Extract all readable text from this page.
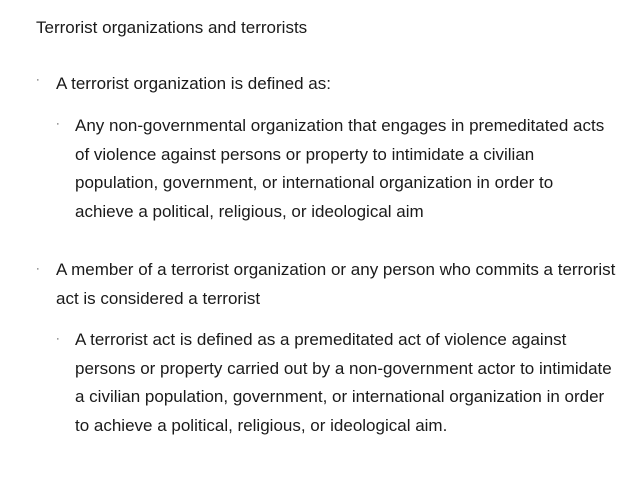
Terrorist organizations and terrorists
· A terrorist organization is defined as:

· Any non-governmental organization that engages in premeditated acts of violence against persons or property to intimidate a civilian population, government, or international organization in order to achieve a political, religious, or ideological aim

· A member of a terrorist organization or any person who commits a terrorist act is considered a terrorist

· A terrorist act is defined as a premeditated act of violence against persons or property carried out by a non-government actor to intimidate a civilian population, government, or international organization in order to achieve a political, religious, or ideological aim.
